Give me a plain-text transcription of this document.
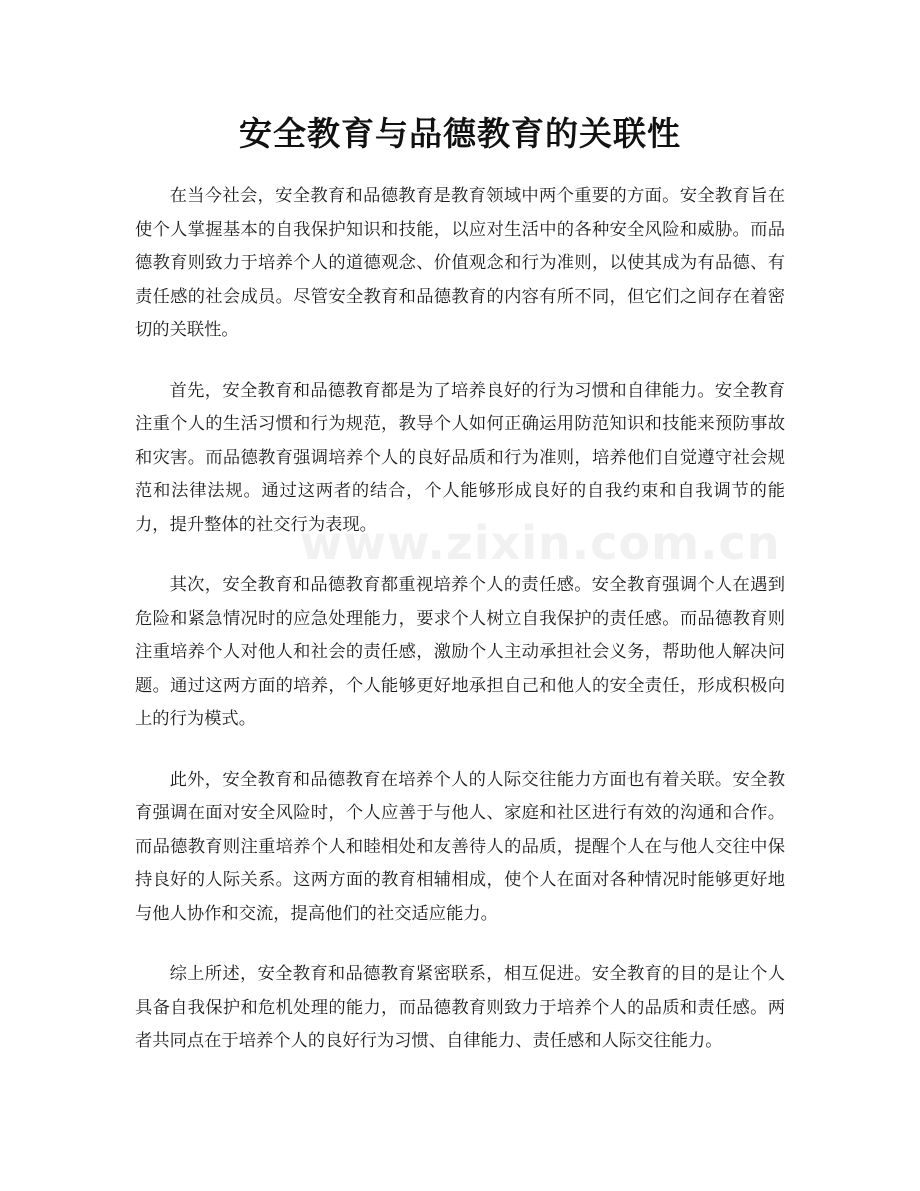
安全教育与品德教育的关联性

在当今社会，安全教育和品德教育是教育领域中两个重要的方面。安全教育旨在使个人掌握基本的自我保护知识和技能，以应对生活中的各种安全风险和威胁。而品德教育则致力于培养个人的道德观念、价值观念和行为准则，以使其成为有品德、有责任感的社会成员。尽管安全教育和品德教育的内容有所不同，但它们之间存在着密切的关联性。

首先，安全教育和品德教育都是为了培养良好的行为习惯和自律能力。安全教育注重个人的生活习惯和行为规范，教导个人如何正确运用防范知识和技能来预防事故和灾害。而品德教育强调培养个人的良好品质和行为准则，培养他们自觉遵守社会规范和法律法规。通过这两者的结合，个人能够形成良好的自我约束和自我调节的能力，提升整体的社交行为表现。

其次，安全教育和品德教育都重视培养个人的责任感。安全教育强调个人在遇到危险和紧急情况时的应急处理能力，要求个人树立自我保护的责任感。而品德教育则注重培养个人对他人和社会的责任感，激励个人主动承担社会义务，帮助他人解决问题。通过这两方面的培养，个人能够更好地承担自己和他人的安全责任，形成积极向上的行为模式。

此外，安全教育和品德教育在培养个人的人际交往能力方面也有着关联。安全教育强调在面对安全风险时，个人应善于与他人、家庭和社区进行有效的沟通和合作。而品德教育则注重培养个人和睦相处和友善待人的品质，提醒个人在与他人交往中保持良好的人际关系。这两方面的教育相辅相成，使个人在面对各种情况时能够更好地与他人协作和交流，提高他们的社交适应能力。

综上所述，安全教育和品德教育紧密联系，相互促进。安全教育的目的是让个人具备自我保护和危机处理的能力，而品德教育则致力于培养个人的品质和责任感。两者共同点在于培养个人的良好行为习惯、自律能力、责任感和人际交往能力。

www.zixin.com.cn
